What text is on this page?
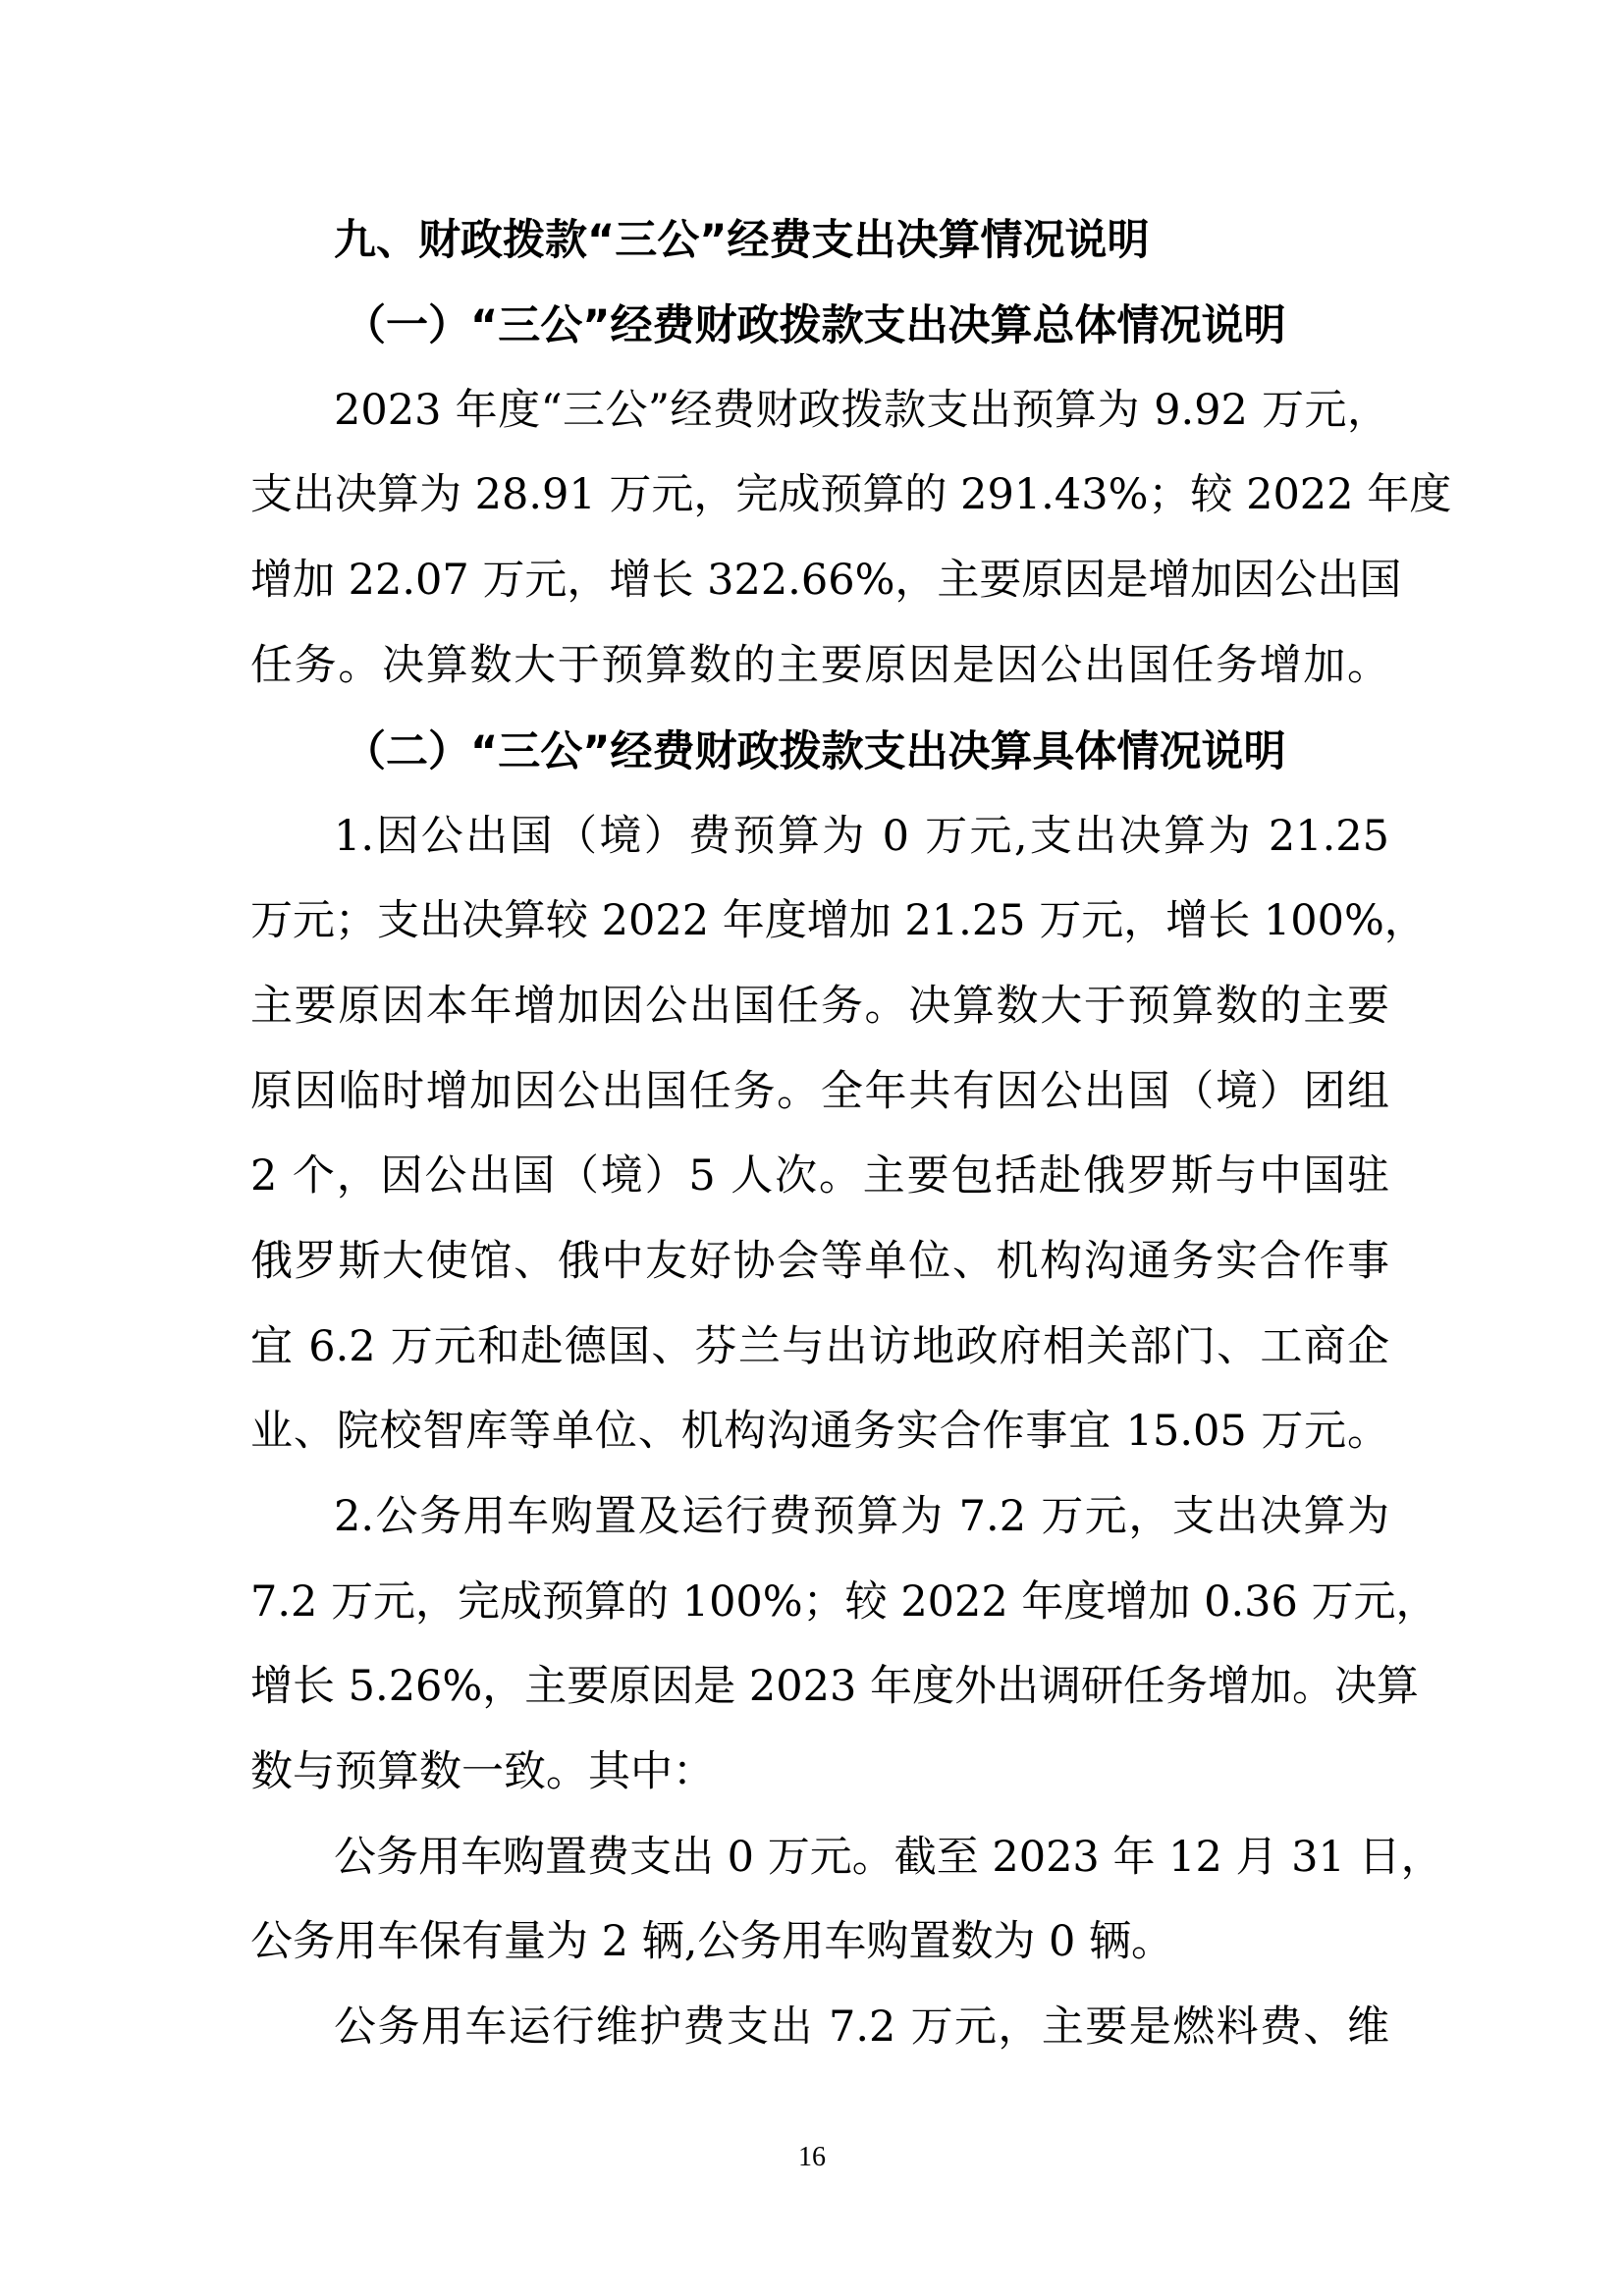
九、财政拨款“三公”经费支出决算情况说明
（一）“三公”经费财政拨款支出决算总体情况说明
2023 年度“三公”经费财政拨款支出预算为 9.92 万元，
支出决算为 28.91 万元，完成预算的 291.43%；较 2022 年度
增加 22.07 万元，增长 322.66%，主要原因是增加因公出国
任务。决算数大于预算数的主要原因是因公出国任务增加。
（二）“三公”经费财政拨款支出决算具体情况说明
1.因公出国（境）费预算为 0 万元,支出决算为 21.25
万元；支出决算较 2022 年度增加 21.25 万元，增长 100%，
主要原因本年增加因公出国任务。决算数大于预算数的主要
原因临时增加因公出国任务。全年共有因公出国（境）团组
2 个，因公出国（境）5 人次。主要包括赴俄罗斯与中国驻
俄罗斯大使馆、俄中友好协会等单位、机构沟通务实合作事
宜 6.2 万元和赴德国、芬兰与出访地政府相关部门、工商企
业、院校智库等单位、机构沟通务实合作事宜 15.05 万元。
2.公务用车购置及运行费预算为 7.2 万元，支出决算为
7.2 万元，完成预算的 100%；较 2022 年度增加 0.36 万元，
增长 5.26%，主要原因是 2023 年度外出调研任务增加。决算
数与预算数一致。其中：
公务用车购置费支出 0 万元。截至 2023 年 12 月 31 日，
公务用车保有量为 2 辆,公务用车购置数为 0 辆。
公务用车运行维护费支出 7.2 万元，主要是燃料费、维
16
